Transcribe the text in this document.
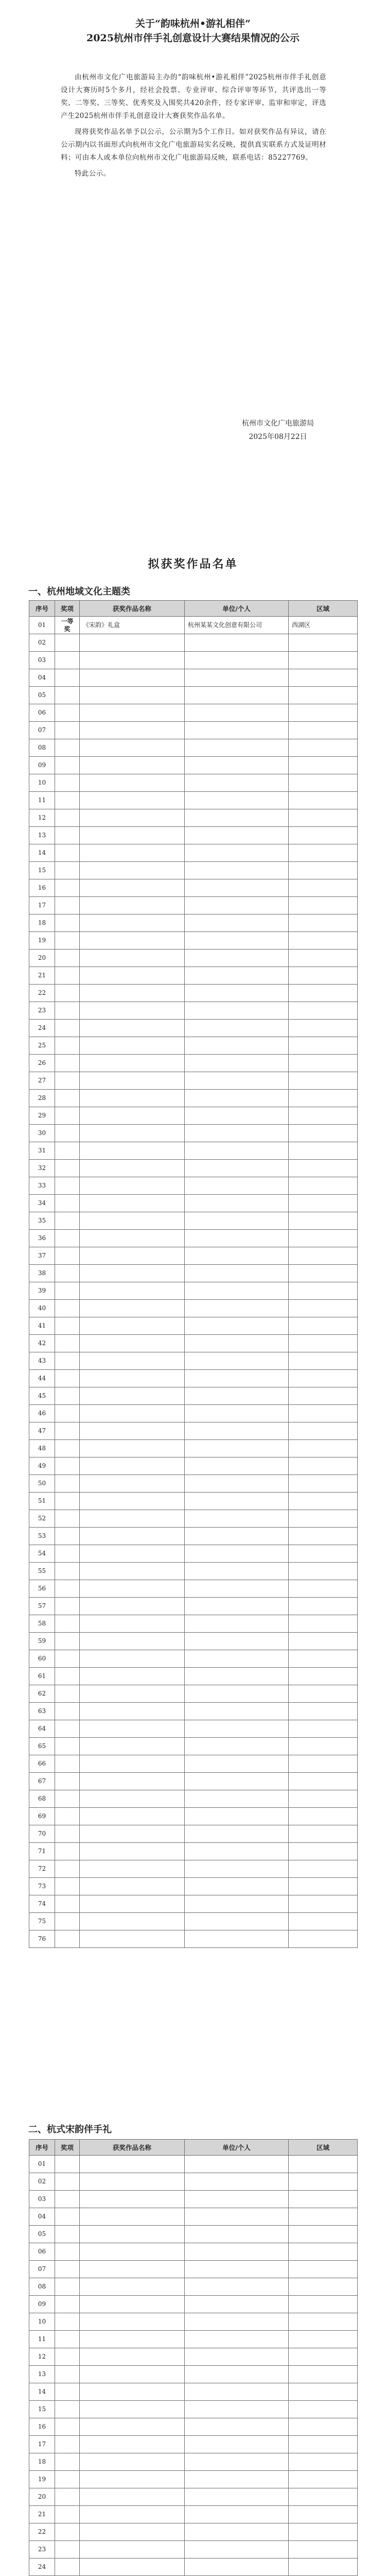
关于“韵味杭州•游礼相伴”
2025杭州市伴手礼创意设计大赛结果情况的公示

由杭州市文化广电旅游局主办的“韵味杭州•游礼相伴”2025杭州市伴手礼创意设计大赛历时5个多月，经社会投票、专业评审、综合评审等环节，共评选出一等奖、二等奖、三等奖、优秀奖及入围奖共420余件，经专家评审、监审和审定，评选产生2025杭州市伴手礼创意设计大赛获奖作品名单。

现将获奖作品名单予以公示，公示期为5个工作日。如对获奖作品有异议，请在公示期内以书面形式向杭州市文化广电旅游局实名反映，提供真实联系方式及证明材料；可由本人或本单位向杭州市文化广电旅游局反映，联系电话：85227769。

特此公示。

杭州市文化广电旅游局
2025年08月22日
拟获奖作品名单
一、杭州地域文化主题类
序号	奖项	获奖作品名称	单位/个人	区域
01	一等奖	《宋韵》礼盒	杭州某某文化创意有限公司	西湖区
02				
03				
04				
05				
06				
07				
08				
09				
10				
11				
12				
13				
14				
15				
16				
17				
18				
19				
20				
21				
22				
23				
24				
25				
26				
27				
28				
29				
30				
31				
32				
33				
34				
35				
36				
37				
38				
39				
40				
41				
42				
43				
44				
45				
46				
47				
48				
49				
50				
51				
52				
53				
54				
55				
56				
57				
58				
59				
60				
61				
62				
63				
64				
65				
66				
67				
68				
69				
70				
71				
72				
73				
74				
75				
76				
二、杭式宋韵伴手礼
序号	奖项	获奖作品名称	单位/个人	区域
01				
02				
03				
04				
05				
06				
07				
08				
09				
10				
11				
12				
13				
14				
15				
16				
17				
18				
19				
20				
21				
22				
23				
24				
